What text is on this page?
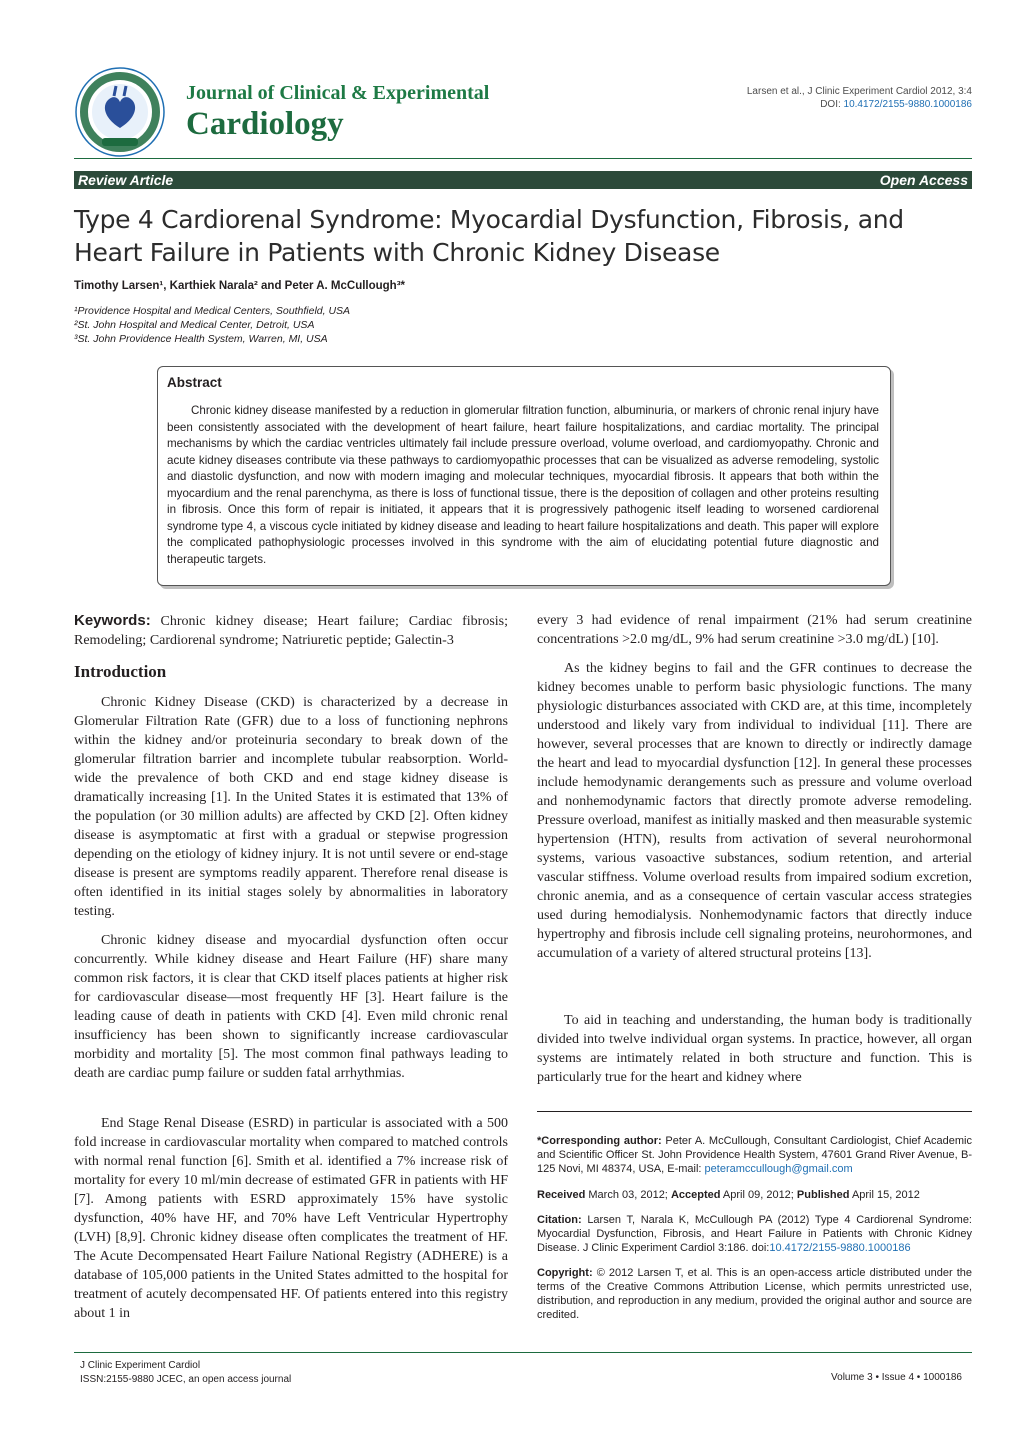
Journal of Clinical & Experimental
Cardiology
Larsen et al., J Clinic Experiment Cardiol 2012, 3:4
DOI: 10.4172/2155-9880.1000186
Review Article	Open Access
Type 4 Cardiorenal Syndrome: Myocardial Dysfunction, Fibrosis, and Heart Failure in Patients with Chronic Kidney Disease
Timothy Larsen¹, Karthiek Narala² and Peter A. McCullough³*
¹Providence Hospital and Medical Centers, Southfield, USA
²St. John Hospital and Medical Center, Detroit, USA
³St. John Providence Health System, Warren, MI, USA
Abstract

Chronic kidney disease manifested by a reduction in glomerular filtration function, albuminuria, or markers of chronic renal injury have been consistently associated with the development of heart failure, heart failure hospitalizations, and cardiac mortality. The principal mechanisms by which the cardiac ventricles ultimately fail include pressure overload, volume overload, and cardiomyopathy. Chronic and acute kidney diseases contribute via these pathways to cardiomyopathic processes that can be visualized as adverse remodeling, systolic and diastolic dysfunction, and now with modern imaging and molecular techniques, myocardial fibrosis. It appears that both within the myocardium and the renal parenchyma, as there is loss of functional tissue, there is the deposition of collagen and other proteins resulting in fibrosis. Once this form of repair is initiated, it appears that it is progressively pathogenic itself leading to worsened cardiorenal syndrome type 4, a viscous cycle initiated by kidney disease and leading to heart failure hospitalizations and death. This paper will explore the complicated pathophysiologic processes involved in this syndrome with the aim of elucidating potential future diagnostic and therapeutic targets.

Keywords: Chronic kidney disease; Heart failure; Cardiac fibrosis; Remodeling; Cardiorenal syndrome; Natriuretic peptide; Galectin-3
Introduction

Chronic Kidney Disease (CKD) is characterized by a decrease in Glomerular Filtration Rate (GFR) due to a loss of functioning nephrons within the kidney and/or proteinuria secondary to break down of the glomerular filtration barrier and incomplete tubular reabsorption. World-wide the prevalence of both CKD and end stage kidney disease is dramatically increasing [1]. In the United States it is estimated that 13% of the population (or 30 million adults) are affected by CKD [2]. Often kidney disease is asymptomatic at first with a gradual or stepwise progression depending on the etiology of kidney injury. It is not until severe or end-stage disease is present are symptoms readily apparent. Therefore renal disease is often identified in its initial stages solely by abnormalities in laboratory testing.

Chronic kidney disease and myocardial dysfunction often occur concurrently. While kidney disease and Heart Failure (HF) share many common risk factors, it is clear that CKD itself places patients at higher risk for cardiovascular disease—most frequently HF [3]. Heart failure is the leading cause of death in patients with CKD [4]. Even mild chronic renal insufficiency has been shown to significantly increase cardiovascular morbidity and mortality [5]. The most common final pathways leading to death are cardiac pump failure or sudden fatal arrhythmias.

End Stage Renal Disease (ESRD) in particular is associated with a 500 fold increase in cardiovascular mortality when compared to matched controls with normal renal function [6]. Smith et al. identified a 7% increase risk of mortality for every 10 ml/min decrease of estimated GFR in patients with HF [7]. Among patients with ESRD approximately 15% have systolic dysfunction, 40% have HF, and 70% have Left Ventricular Hypertrophy (LVH) [8,9]. Chronic kidney disease often complicates the treatment of HF. The Acute Decompensated Heart Failure National Registry (ADHERE) is a database of 105,000 patients in the United States admitted to the hospital for treatment of acutely decompensated HF. Of patients entered into this registry about 1 in

every 3 had evidence of renal impairment (21% had serum creatinine concentrations >2.0 mg/dL, 9% had serum creatinine >3.0 mg/dL) [10].

As the kidney begins to fail and the GFR continues to decrease the kidney becomes unable to perform basic physiologic functions. The many physiologic disturbances associated with CKD are, at this time, incompletely understood and likely vary from individual to individual [11]. There are however, several processes that are known to directly or indirectly damage the heart and lead to myocardial dysfunction [12]. In general these processes include hemodynamic derangements such as pressure and volume overload and nonhemodynamic factors that directly promote adverse remodeling. Pressure overload, manifest as initially masked and then measurable systemic hypertension (HTN), results from activation of several neurohormonal systems, various vasoactive substances, sodium retention, and arterial vascular stiffness. Volume overload results from impaired sodium excretion, chronic anemia, and as a consequence of certain vascular access strategies used during hemodialysis. Nonhemodynamic factors that directly induce hypertrophy and fibrosis include cell signaling proteins, neurohormones, and accumulation of a variety of altered structural proteins [13].

To aid in teaching and understanding, the human body is traditionally divided into twelve individual organ systems. In practice, however, all organ systems are intimately related in both structure and function. This is particularly true for the heart and kidney where

*Corresponding author: Peter A. McCullough, Consultant Cardiologist, Chief Academic and Scientific Officer St. John Providence Health System, 47601 Grand River Avenue, B-125 Novi, MI 48374, USA, E-mail: peteramccullough@gmail.com
Received March 03, 2012; Accepted April 09, 2012; Published April 15, 2012
Citation: Larsen T, Narala K, McCullough PA (2012) Type 4 Cardiorenal Syndrome: Myocardial Dysfunction, Fibrosis, and Heart Failure in Patients with Chronic Kidney Disease. J Clinic Experiment Cardiol 3:186. doi:10.4172/2155-9880.1000186
Copyright: © 2012 Larsen T, et al. This is an open-access article distributed under the terms of the Creative Commons Attribution License, which permits unrestricted use, distribution, and reproduction in any medium, provided the original author and source are credited.
J Clinic Experiment Cardiol
ISSN:2155-9880 JCEC, an open access journal	Volume 3 • Issue 4 • 1000186
